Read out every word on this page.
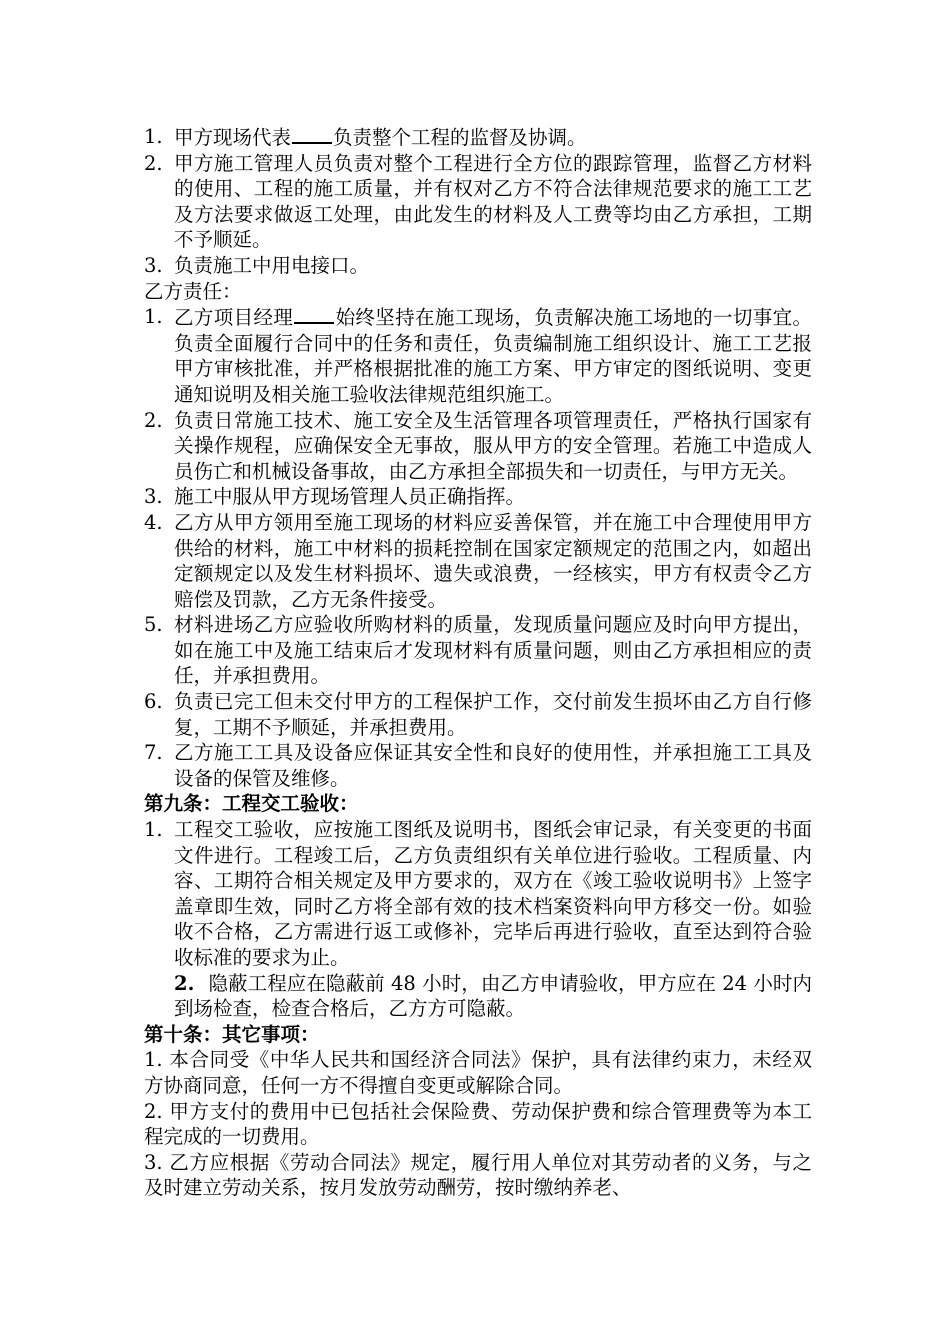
1. 甲方现场代表 负责整个工程的监督及协调。
2. 甲方施工管理人员负责对整个工程进行全方位的跟踪管理，监督乙方材料的使用、工程的施工质量，并有权对乙方不符合法律规范要求的施工工艺及方法要求做返工处理，由此发生的材料及人工费等均由乙方承担，工期不予顺延。
3. 负责施工中用电接口。
乙方责任：
1. 乙方项目经理 始终坚持在施工现场，负责解决施工场地的一切事宜。负责全面履行合同中的任务和责任，负责编制施工组织设计、施工工艺报甲方审核批准，并严格根据批准的施工方案、甲方审定的图纸说明、变更通知说明及相关施工验收法律规范组织施工。
2. 负责日常施工技术、施工安全及生活管理各项管理责任，严格执行国家有关操作规程，应确保安全无事故，服从甲方的安全管理。若施工中造成人员伤亡和机械设备事故，由乙方承担全部损失和一切责任，与甲方无关。
3. 施工中服从甲方现场管理人员正确指挥。
4. 乙方从甲方领用至施工现场的材料应妥善保管，并在施工中合理使用甲方供给的材料，施工中材料的损耗控制在国家定额规定的范围之内，如超出定额规定以及发生材料损坏、遗失或浪费，一经核实，甲方有权责令乙方赔偿及罚款，乙方无条件接受。
5. 材料进场乙方应验收所购材料的质量，发现质量问题应及时向甲方提出，如在施工中及施工结束后才发现材料有质量问题，则由乙方承担相应的责任，并承担费用。
6. 负责已完工但未交付甲方的工程保护工作，交付前发生损坏由乙方自行修复，工期不予顺延，并承担费用。
7. 乙方施工工具及设备应保证其安全性和良好的使用性，并承担施工工具及设备的保管及维修。
第九条：工程交工验收：
1. 工程交工验收，应按施工图纸及说明书，图纸会审记录，有关变更的书面文件进行。工程竣工后，乙方负责组织有关单位进行验收。工程质量、内容、工期符合相关规定及甲方要求的，双方在《竣工验收说明书》上签字盖章即生效，同时乙方将全部有效的技术档案资料向甲方移交一份。如验收不合格，乙方需进行返工或修补，完毕后再进行验收，直至达到符合验收标准的要求为止。
2. 隐蔽工程应在隐蔽前 48 小时，由乙方申请验收，甲方应在 24 小时内到场检查，检查合格后，乙方方可隐蔽。
第十条：其它事项：
1. 本合同受《中华人民共和国经济合同法》保护，具有法律约束力，未经双方协商同意，任何一方不得擅自变更或解除合同。
2. 甲方支付的费用中已包括社会保险费、劳动保护费和综合管理费等为本工程完成的一切费用。
3. 乙方应根据《劳动合同法》规定，履行用人单位对其劳动者的义务，与之及时建立劳动关系，按月发放劳动酬劳，按时缴纳养老、
